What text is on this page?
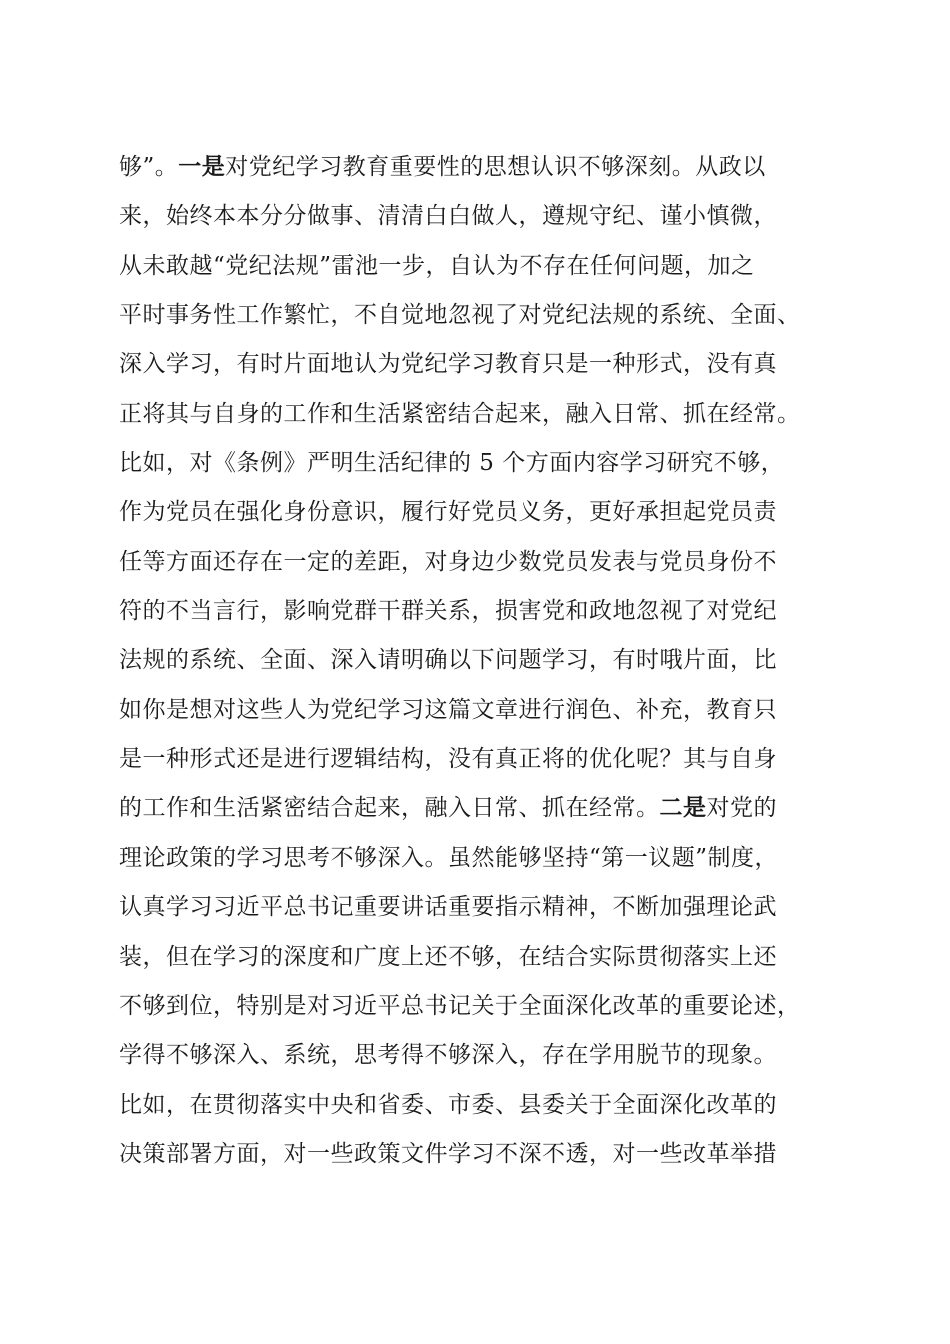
够”。一是对党纪学习教育重要性的思想认识不够深刻。从政以
来，始终本本分分做事、清清白白做人，遵规守纪、谨小慎微，
从未敢越“党纪法规”雷池一步，自认为不存在任何问题，加之
平时事务性工作繁忙，不自觉地忽视了对党纪法规的系统、全面、
深入学习，有时片面地认为党纪学习教育只是一种形式，没有真
正将其与自身的工作和生活紧密结合起来，融入日常、抓在经常。
比如，对《条例》严明生活纪律的 5 个方面内容学习研究不够，
作为党员在强化身份意识，履行好党员义务，更好承担起党员责
任等方面还存在一定的差距，对身边少数党员发表与党员身份不
符的不当言行，影响党群干群关系，损害党和政地忽视了对党纪
法规的系统、全面、深入请明确以下问题学习，有时哦片面，比
如你是想对这些人为党纪学习这篇文章进行润色、补充，教育只
是一种形式还是进行逻辑结构，没有真正将的优化呢？其与自身
的工作和生活紧密结合起来，融入日常、抓在经常。二是对党的
理论政策的学习思考不够深入。虽然能够坚持“第一议题”制度，
认真学习习近平总书记重要讲话重要指示精神，不断加强理论武
装，但在学习的深度和广度上还不够，在结合实际贯彻落实上还
不够到位，特别是对习近平总书记关于全面深化改革的重要论述，
学得不够深入、系统，思考得不够深入，存在学用脱节的现象。
比如，在贯彻落实中央和省委、市委、县委关于全面深化改革的
决策部署方面，对一些政策文件学习不深不透，对一些改革举措
